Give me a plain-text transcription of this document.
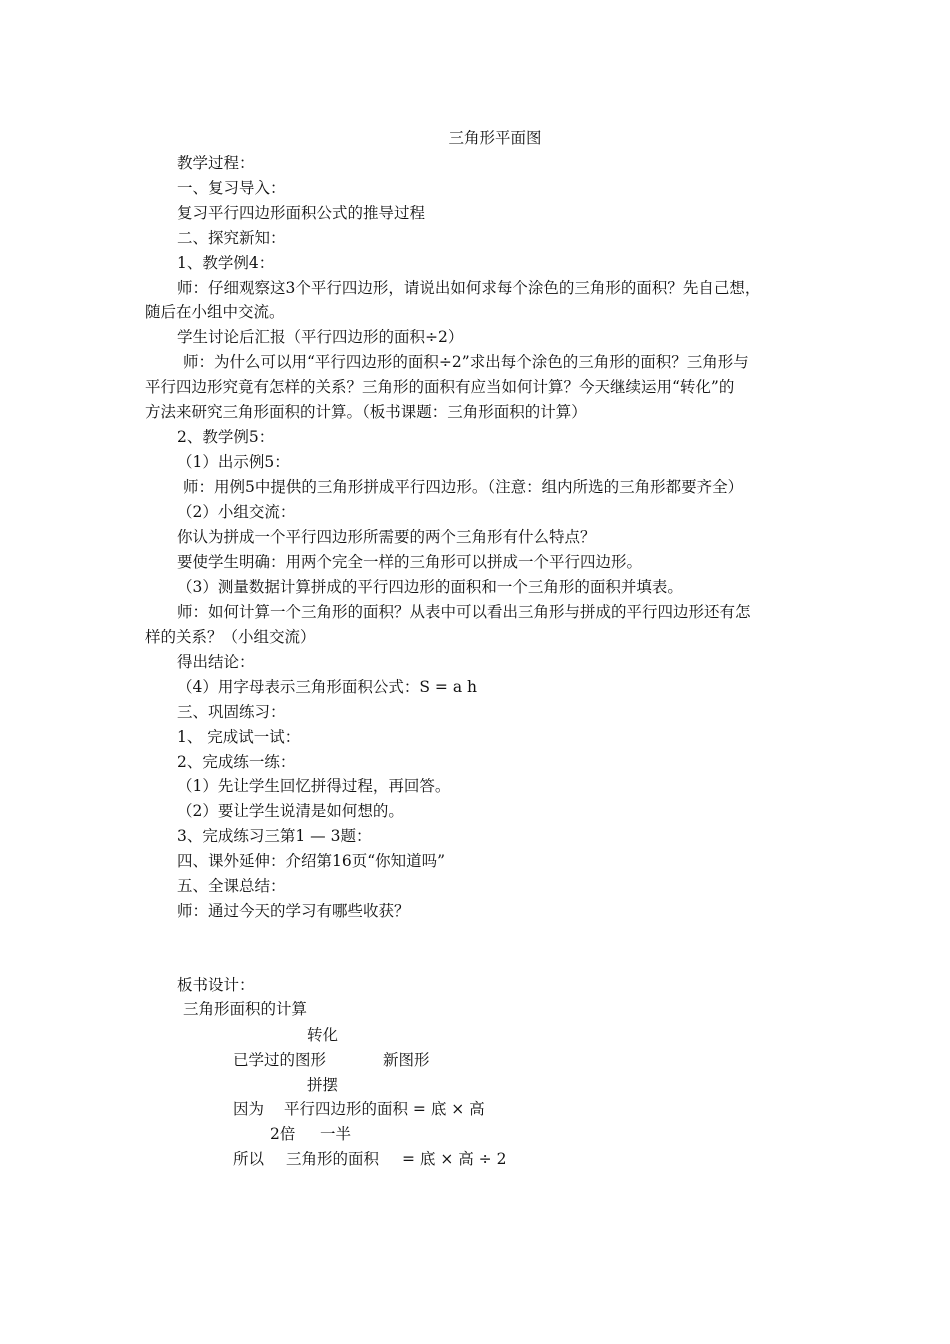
三角形平面图
教学过程：
一、复习导入：
复习平行四边形面积公式的推导过程
二、探究新知：
1、教学例4：
师：仔细观察这3个平行四边形，请说出如何求每个涂色的三角形的面积？先自己想，
随后在小组中交流。
学生讨论后汇报（平行四边形的面积÷2）
师：为什么可以用“平行四边形的面积÷2”求出每个涂色的三角形的面积？三角形与
平行四边形究竟有怎样的关系？三角形的面积有应当如何计算？今天继续运用“转化”的
方法来研究三角形面积的计算。（板书课题：三角形面积的计算）
2、教学例5：
（1）出示例5：
师：用例5中提供的三角形拼成平行四边形。（注意：组内所选的三角形都要齐全）
（2）小组交流：
你认为拼成一个平行四边形所需要的两个三角形有什么特点？
要使学生明确：用两个完全一样的三角形可以拼成一个平行四边形。
（3）测量数据计算拼成的平行四边形的面积和一个三角形的面积并填表。
师：如何计算一个三角形的面积？从表中可以看出三角形与拼成的平行四边形还有怎
样的关系？（小组交流）
得出结论：
（4）用字母表示三角形面积公式：S = a h
三、巩固练习：
1、 完成试一试：
2、完成练一练：
（1）先让学生回忆拼得过程，再回答。
（2）要让学生说清是如何想的。
3、完成练习三第1 — 3题：
四、课外延伸：介绍第16页“你知道吗”
五、全课总结：
师：通过今天的学习有哪些收获？
板书设计：
三角形面积的计算
转化
已学过的图形	新图形
拼摆
因为 平行四边形的面积 = 底 × 高
2倍 一半
所以 三角形的面积 = 底 × 高 ÷ 2
